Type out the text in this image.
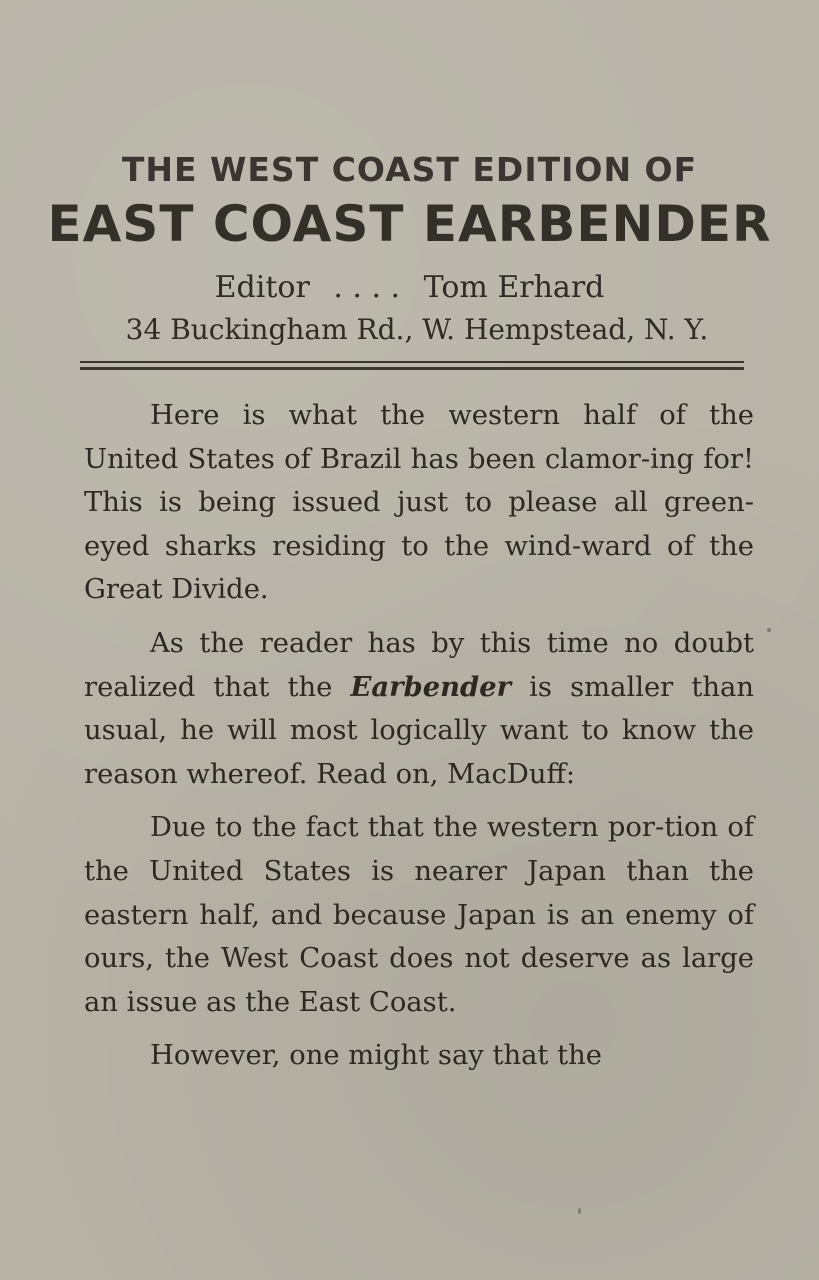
THE WEST COAST EDITION OF
EAST COAST EARBENDER
Editor . . . . Tom Erhard
34 Buckingham Rd., W. Hempstead, N. Y.

Here is what the western half of the United States of Brazil has been clamor-ing for! This is being issued just to please all green-eyed sharks residing to the wind-ward of the Great Divide.

As the reader has by this time no doubt realized that the Earbender is smaller than usual, he will most logically want to know the reason whereof. Read on, MacDuff:

Due to the fact that the western por-tion of the United States is nearer Japan than the eastern half, and because Japan is an enemy of ours, the West Coast does not deserve as large an issue as the East Coast.

However, one might say that the
